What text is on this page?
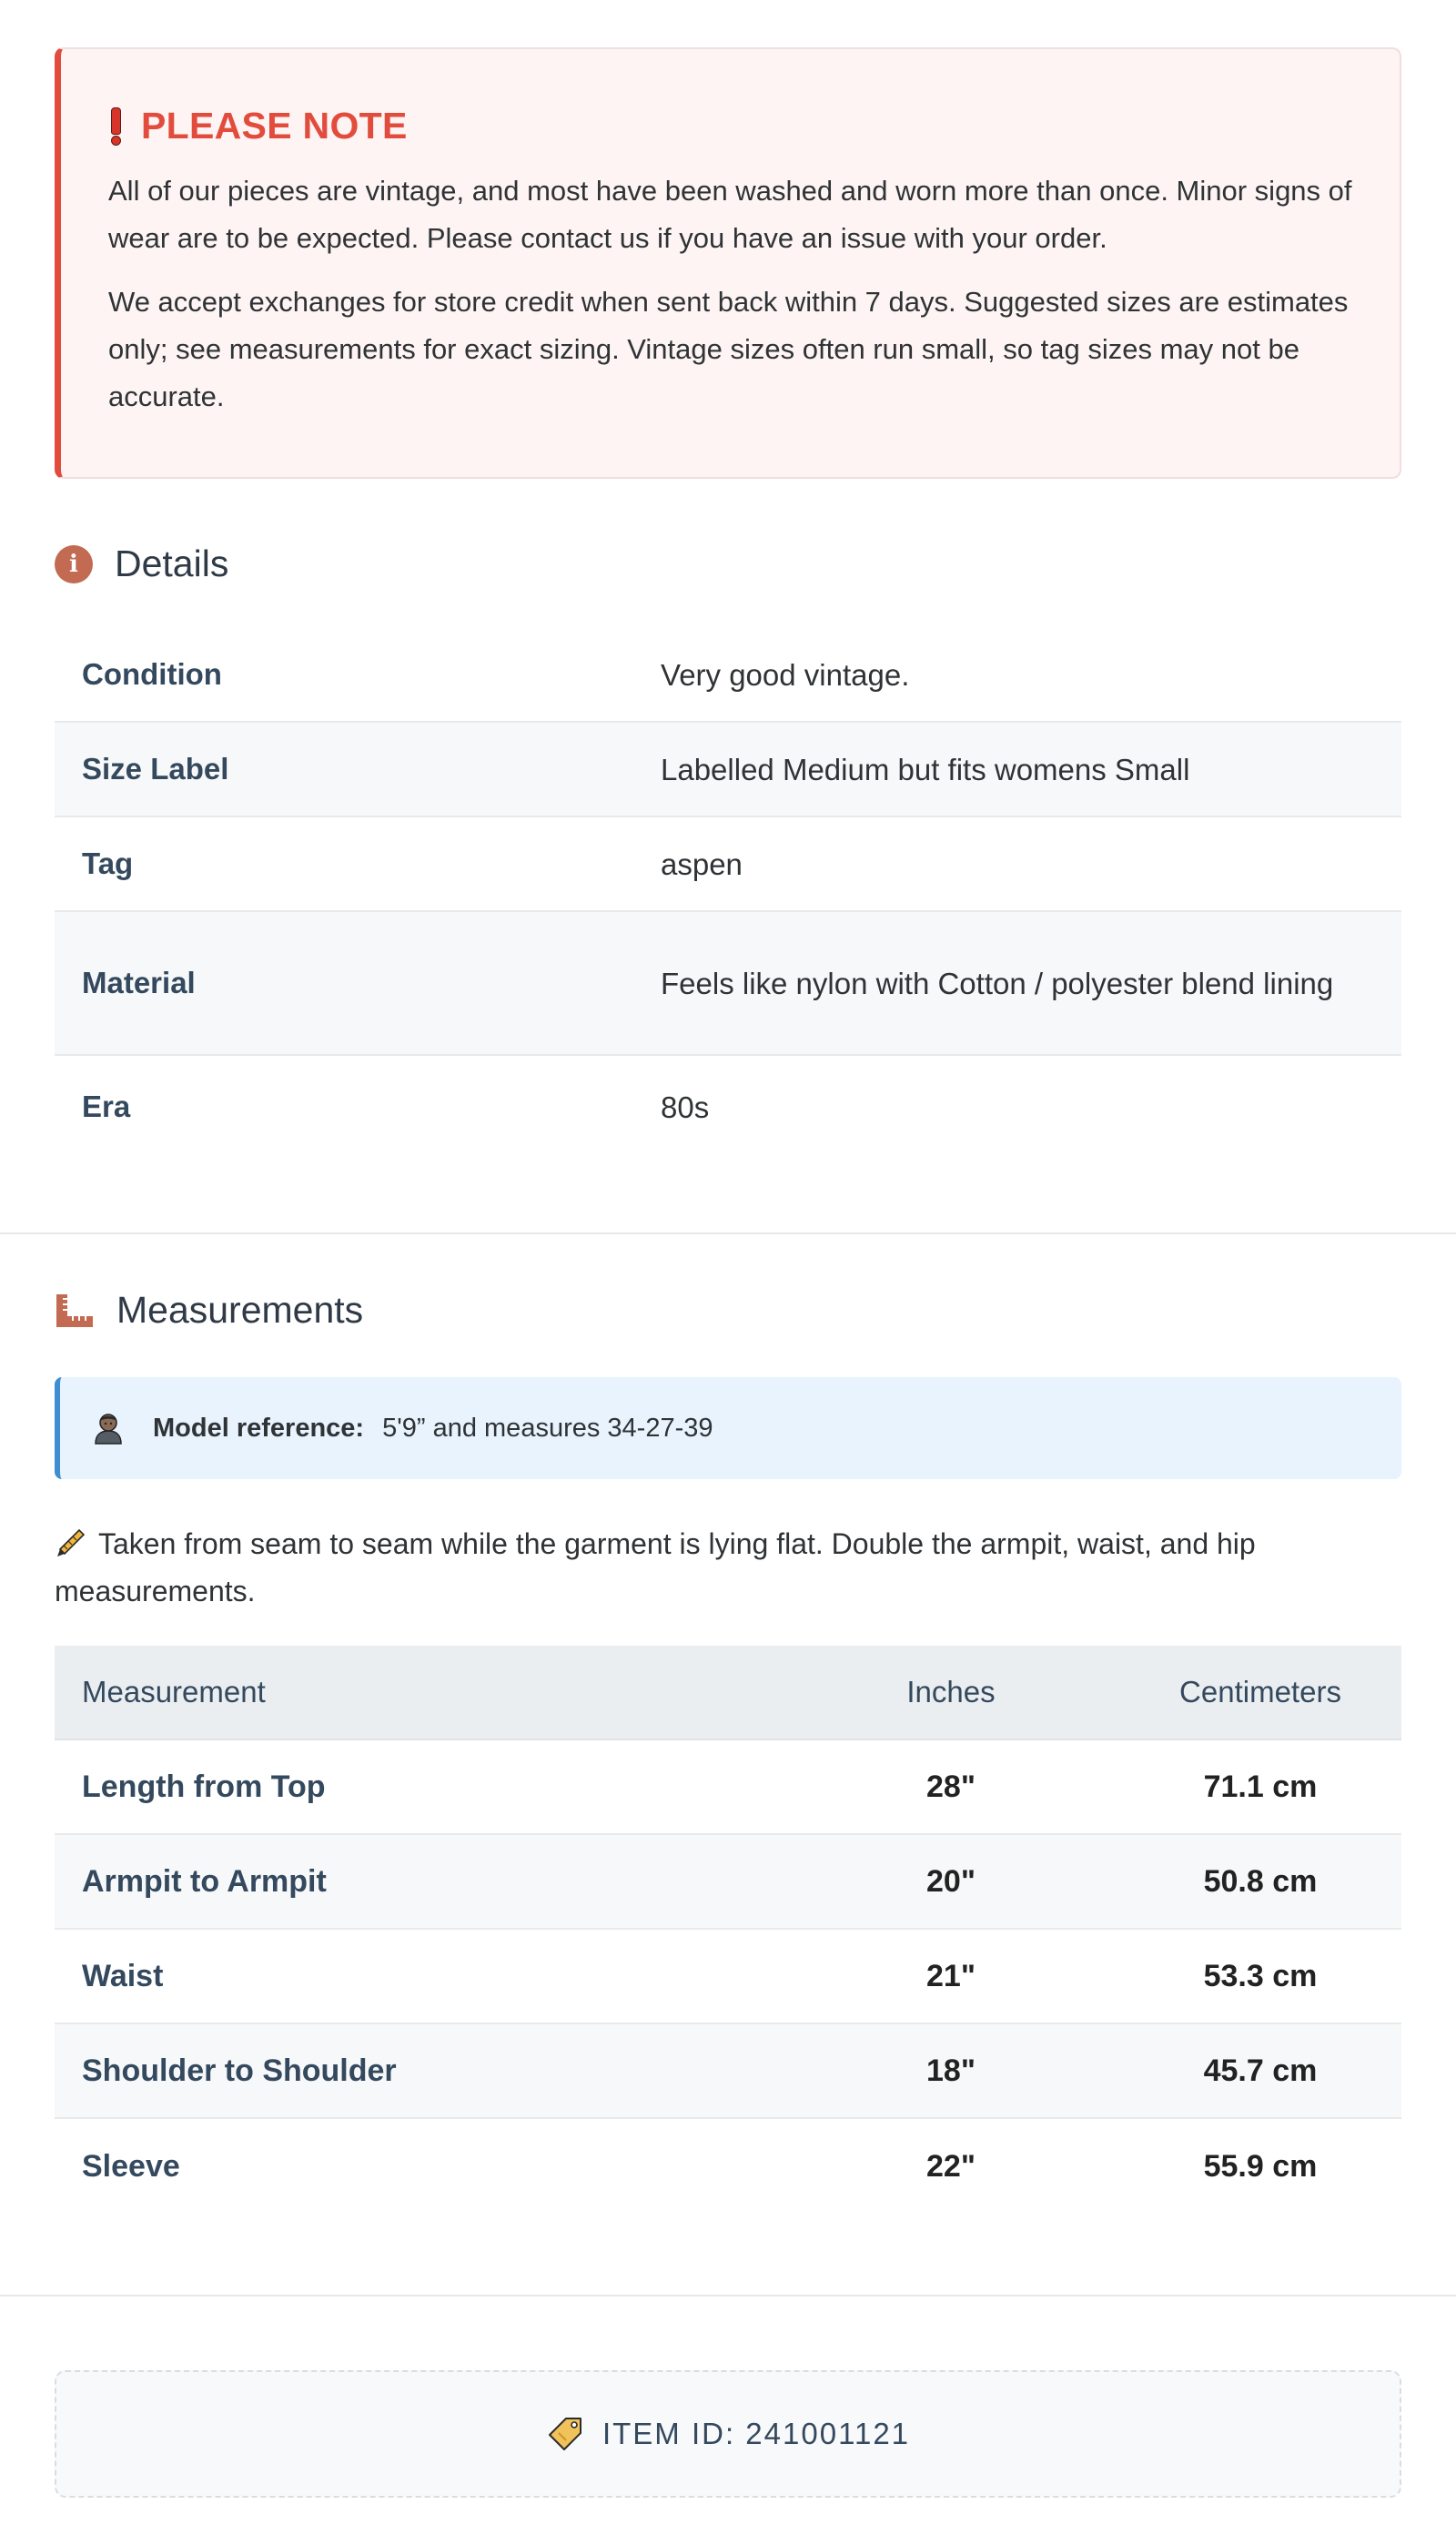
PLEASE NOTE

All of our pieces are vintage, and most have been washed and worn more than once. Minor signs of wear are to be expected. Please contact us if you have an issue with your order.

We accept exchanges for store credit when sent back within 7 days. Suggested sizes are estimates only; see measurements for exact sizing. Vintage sizes often run small, so tag sizes may not be accurate.

i Details
Condition	Very good vintage.
Size Label	Labelled Medium but fits womens Small
Tag	aspen
Material	Feels like nylon with Cotton / polyester blend lining
Era	80s
Measurements
Model reference: 5'9” and measures 34-27-39
Taken from seam to seam while the garment is lying flat. Double the armpit, waist, and hip measurements.
Measurement	Inches	Centimeters
Length from Top	28"	71.1 cm
Armpit to Armpit	20"	50.8 cm
Waist	21"	53.3 cm
Shoulder to Shoulder	18"	45.7 cm
Sleeve	22"	55.9 cm
ITEM ID: 241001121
